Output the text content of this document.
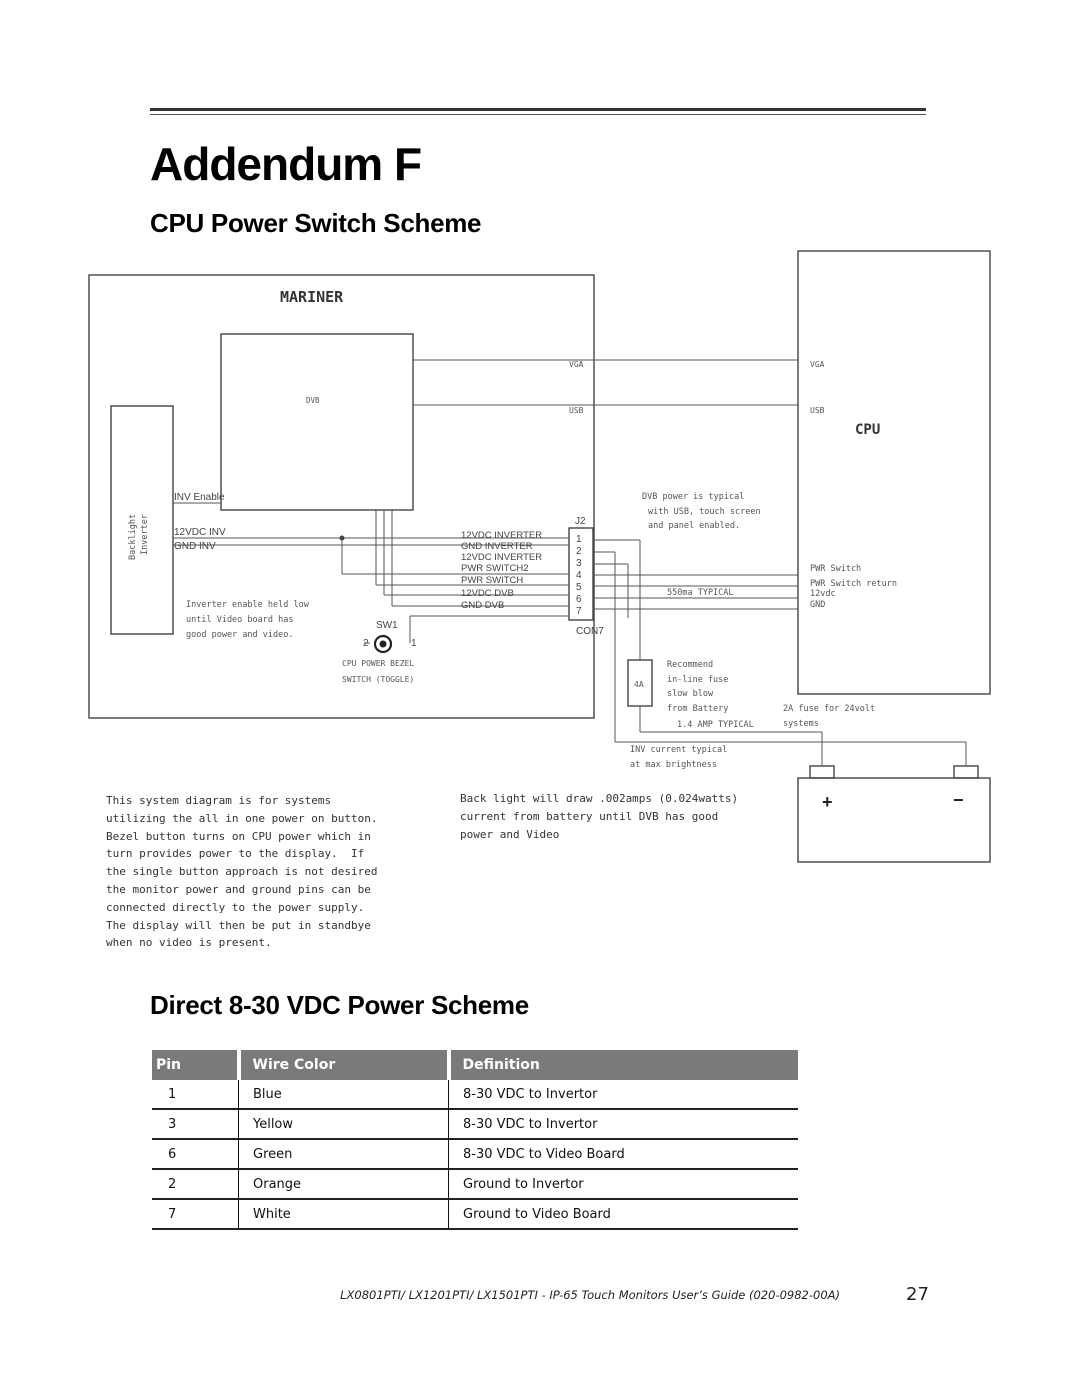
Addendum F
CPU Power Switch Scheme
MARINER
DVB
CPU
Backlight Inverter
INV Enable
12VDC INV
GND INV
VGA
USB
VGA
USB
J2
CON7
SW1
2	1
12VDC INVERTER
GND INVERTER
12VDC INVERTER
PWR SWITCH2
PWR SWITCH
12VDC DVB
GND DVB
1
2
3
4
5
6
7
DVB power is typical
with USB, touch screen
and panel enabled.
PWR Switch
PWR Switch return
12vdc
GND
550ma TYPICAL
Inverter enable held low
until Video board has
good power and video.
CPU POWER BEZEL
SWITCH (TOGGLE)
4A
Recommend
in-line fuse
slow blow
from Battery
1.4 AMP TYPICAL
2A fuse for 24volt
systems
INV current typical
at max brightness
+	−
This system diagram is for systems
utilizing the all in one power on button.
Bezel button turns on CPU power which in
turn provides power to the display.  If
the single button approach is not desired
the monitor power and ground pins can be
connected directly to the power supply.
The display will then be put in standbye
when no video is present.
Back light will draw .002amps (0.024watts)
current from battery until DVB has good
power and Video
Direct 8-30 VDC Power Scheme
Pin	Wire Color	Definition
1	Blue	8-30 VDC to Invertor
3	Yellow	8-30 VDC to Invertor
6	Green	8-30 VDC to Video Board
2	Orange	Ground to Invertor
7	White	Ground to Video Board
LX0801PTI/ LX1201PTI/ LX1501PTI - IP-65 Touch Monitors User’s Guide (020-0982-00A)	27
